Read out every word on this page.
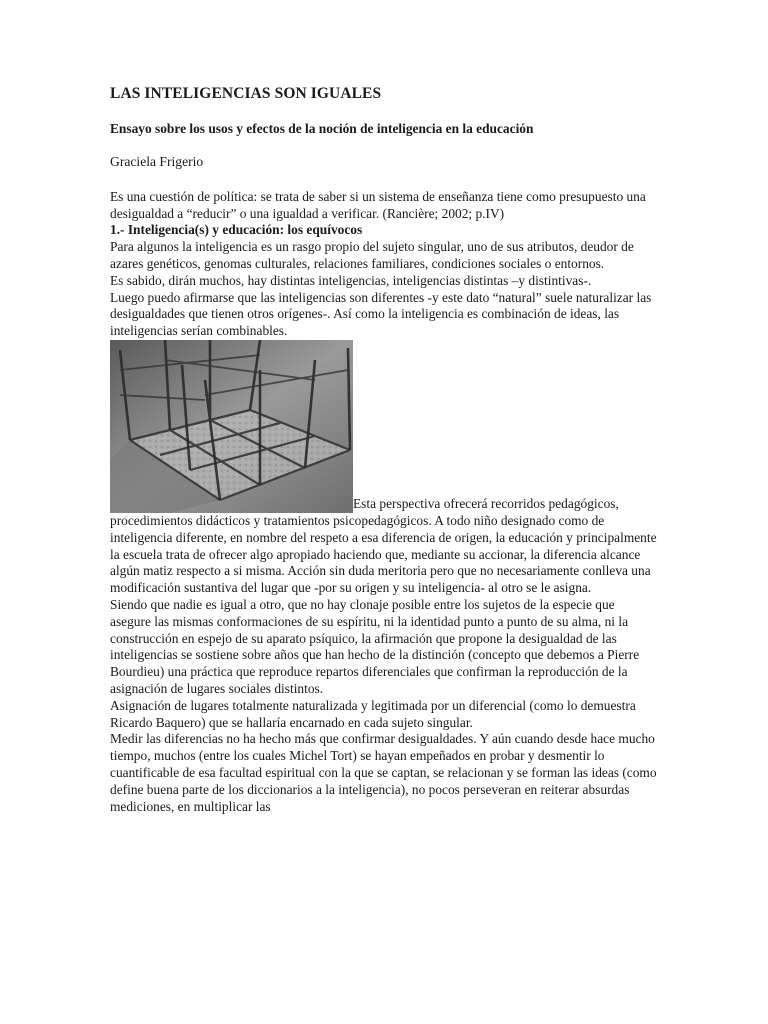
LAS INTELIGENCIAS SON IGUALES
Ensayo sobre los usos y efectos de la noción de inteligencia en la educación
Graciela Frigerio

Es una cuestión de política: se trata de saber si un sistema de enseñanza tiene como presupuesto una desigualdad a “reducir” o una igualdad a verificar. (Rancière; 2002; p.IV)

1.- Inteligencia(s) y educación: los equívocos

Para algunos la inteligencia es un rasgo propio del sujeto singular, uno de sus atributos, deudor de azares genéticos, genomas culturales, relaciones familiares, condiciones sociales o entornos.

Es sabido, dirán muchos, hay distintas inteligencias, inteligencias distintas –y distintivas-.

Luego puedo afirmarse que las inteligencias son diferentes -y este dato “natural” suele naturalizar las desigualdades que tienen otros orígenes-. Así como la inteligencia es combinación de ideas, las inteligencias serían combinables.

Esta perspectiva ofrecerá recorridos pedagógicos, procedimientos didácticos y tratamientos psicopedagógicos. A todo niño designado como de inteligencia diferente, en nombre del respeto a esa diferencia de origen, la educación y principalmente la escuela trata de ofrecer algo apropiado haciendo que, mediante su accionar, la diferencia alcance algún matiz respecto a si misma. Acción sin duda meritoria pero que no necesariamente conlleva una modificación sustantiva del lugar que -por su origen y su inteligencia- al otro se le asigna.

Siendo que nadie es igual a otro, que no hay clonaje posible entre los sujetos de la especie que asegure las mismas conformaciones de su espíritu, ni la identidad punto a punto de su alma, ni la construcción en espejo de su aparato psíquico, la afirmación que propone la desigualdad de las inteligencias se sostiene sobre años que han hecho de la distinción (concepto que debemos a Pierre Bourdieu) una práctica que reproduce repartos diferenciales que confirman la reproducción de la asignación de lugares sociales distintos.

Asignación de lugares totalmente naturalizada y legitimada por un diferencial (como lo demuestra Ricardo Baquero) que se hallaría encarnado en cada sujeto singular.

Medir las diferencias no ha hecho más que confirmar desigualdades. Y aún cuando desde hace mucho tiempo, muchos (entre los cuales Michel Tort) se hayan empeñados en probar y desmentir lo cuantificable de esa facultad espiritual con la que se captan, se relacionan y se forman las ideas (como define buena parte de los diccionarios a la inteligencia), no pocos perseveran en reiterar absurdas mediciones, en multiplicar las
